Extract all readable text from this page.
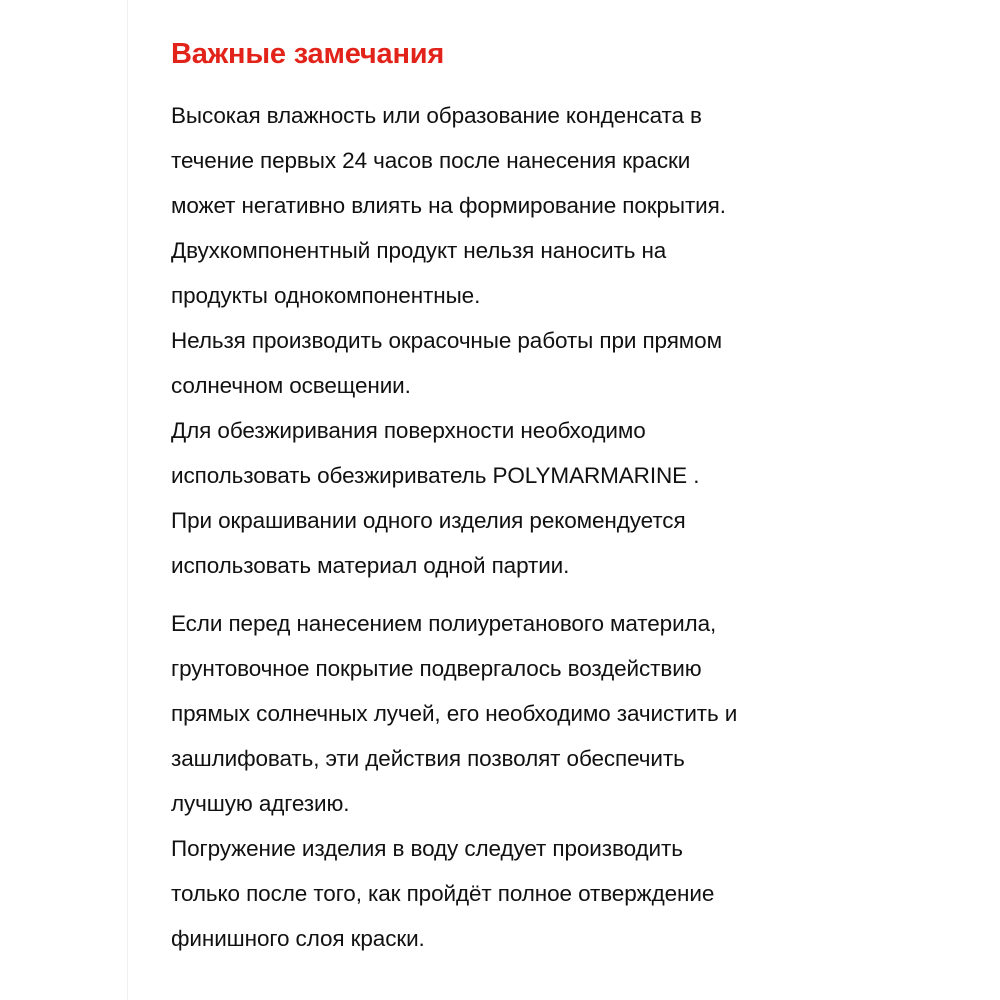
Важные замечания

Высокая влажность или образование конденсата в

течение первых 24 часов после нанесения краски

может негативно влиять на формирование покрытия.

Двухкомпонентный продукт нельзя наносить на

продукты однокомпонентные.

Нельзя производить окрасочные работы при прямом

солнечном освещении.

Для обезжиривания поверхности необходимо

использовать обезжириватель POLYMARMARINE .

При окрашивании одного изделия рекомендуется

использовать материал одной партии.

Если перед нанесением полиуретанового материла,

грунтовочное покрытие подвергалось воздействию

прямых солнечных лучей, его необходимо зачистить и

зашлифовать, эти действия позволят обеспечить

лучшую адгезию.

Погружение изделия в воду следует производить

только после того, как пройдёт полное отверждение

финишного слоя краски.
